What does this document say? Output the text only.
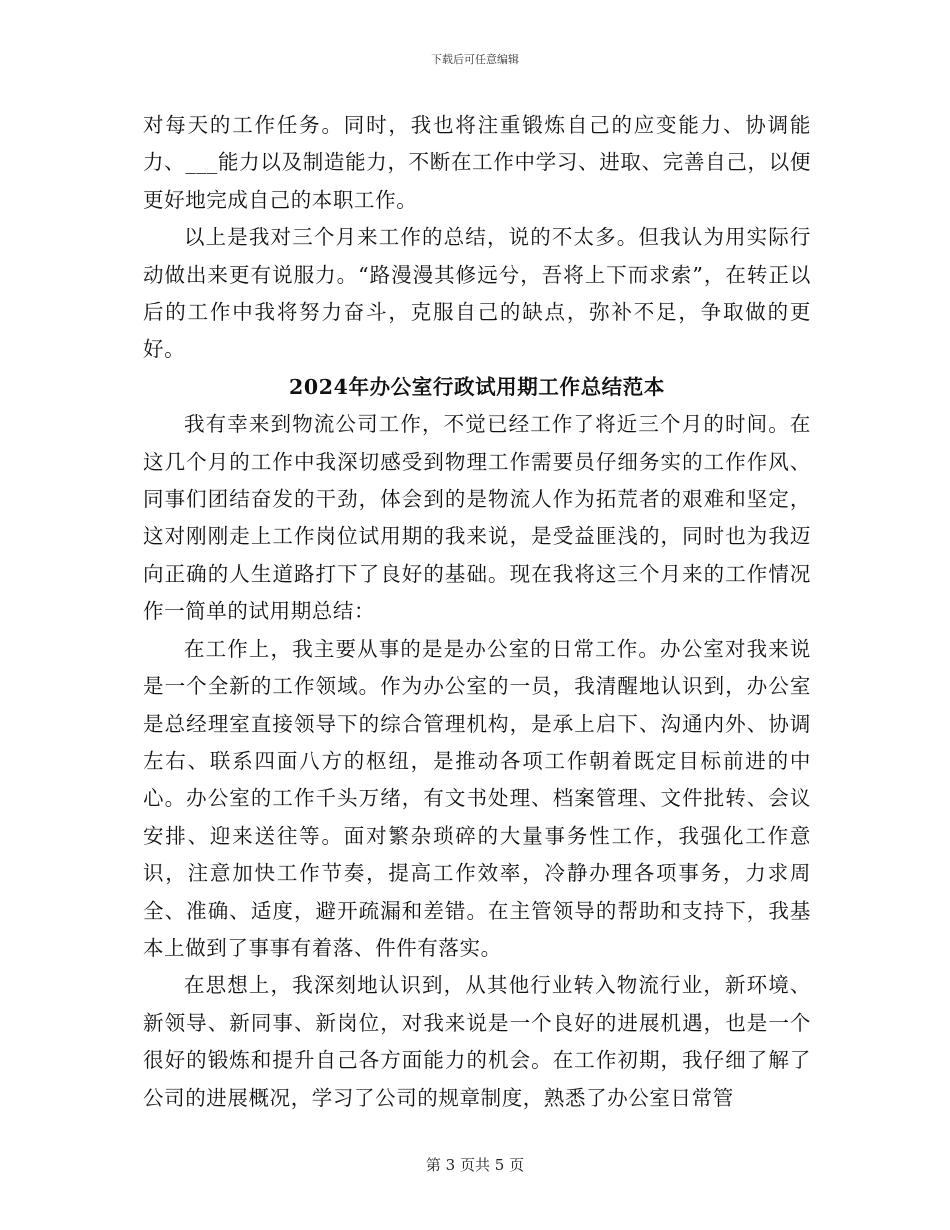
下载后可任意编辑

对每天的工作任务。同时，我也将注重锻炼自己的应变能力、协调能力、___能力以及制造能力，不断在工作中学习、进取、完善自己，以便更好地完成自己的本职工作。

以上是我对三个月来工作的总结，说的不太多。但我认为用实际行动做出来更有说服力。“路漫漫其修远兮，吾将上下而求索”，在转正以后的工作中我将努力奋斗，克服自己的缺点，弥补不足，争取做的更好。

2024年办公室行政试用期工作总结范本

我有幸来到物流公司工作，不觉已经工作了将近三个月的时间。在这几个月的工作中我深切感受到物理工作需要员仔细务实的工作作风、同事们团结奋发的干劲，体会到的是物流人作为拓荒者的艰难和坚定，这对刚刚走上工作岗位试用期的我来说，是受益匪浅的，同时也为我迈向正确的人生道路打下了良好的基础。现在我将这三个月来的工作情况作一简单的试用期总结：

在工作上，我主要从事的是是办公室的日常工作。办公室对我来说是一个全新的工作领域。作为办公室的一员，我清醒地认识到，办公室是总经理室直接领导下的综合管理机构，是承上启下、沟通内外、协调左右、联系四面八方的枢纽，是推动各项工作朝着既定目标前进的中心。办公室的工作千头万绪，有文书处理、档案管理、文件批转、会议安排、迎来送往等。面对繁杂琐碎的大量事务性工作，我强化工作意识，注意加快工作节奏，提高工作效率，冷静办理各项事务，力求周全、准确、适度，避开疏漏和差错。在主管领导的帮助和支持下，我基本上做到了事事有着落、件件有落实。

在思想上，我深刻地认识到，从其他行业转入物流行业，新环境、新领导、新同事、新岗位，对我来说是一个良好的进展机遇，也是一个很好的锻炼和提升自己各方面能力的机会。在工作初期，我仔细了解了公司的进展概况，学习了公司的规章制度，熟悉了办公室日常管

第 3 页共 5 页
